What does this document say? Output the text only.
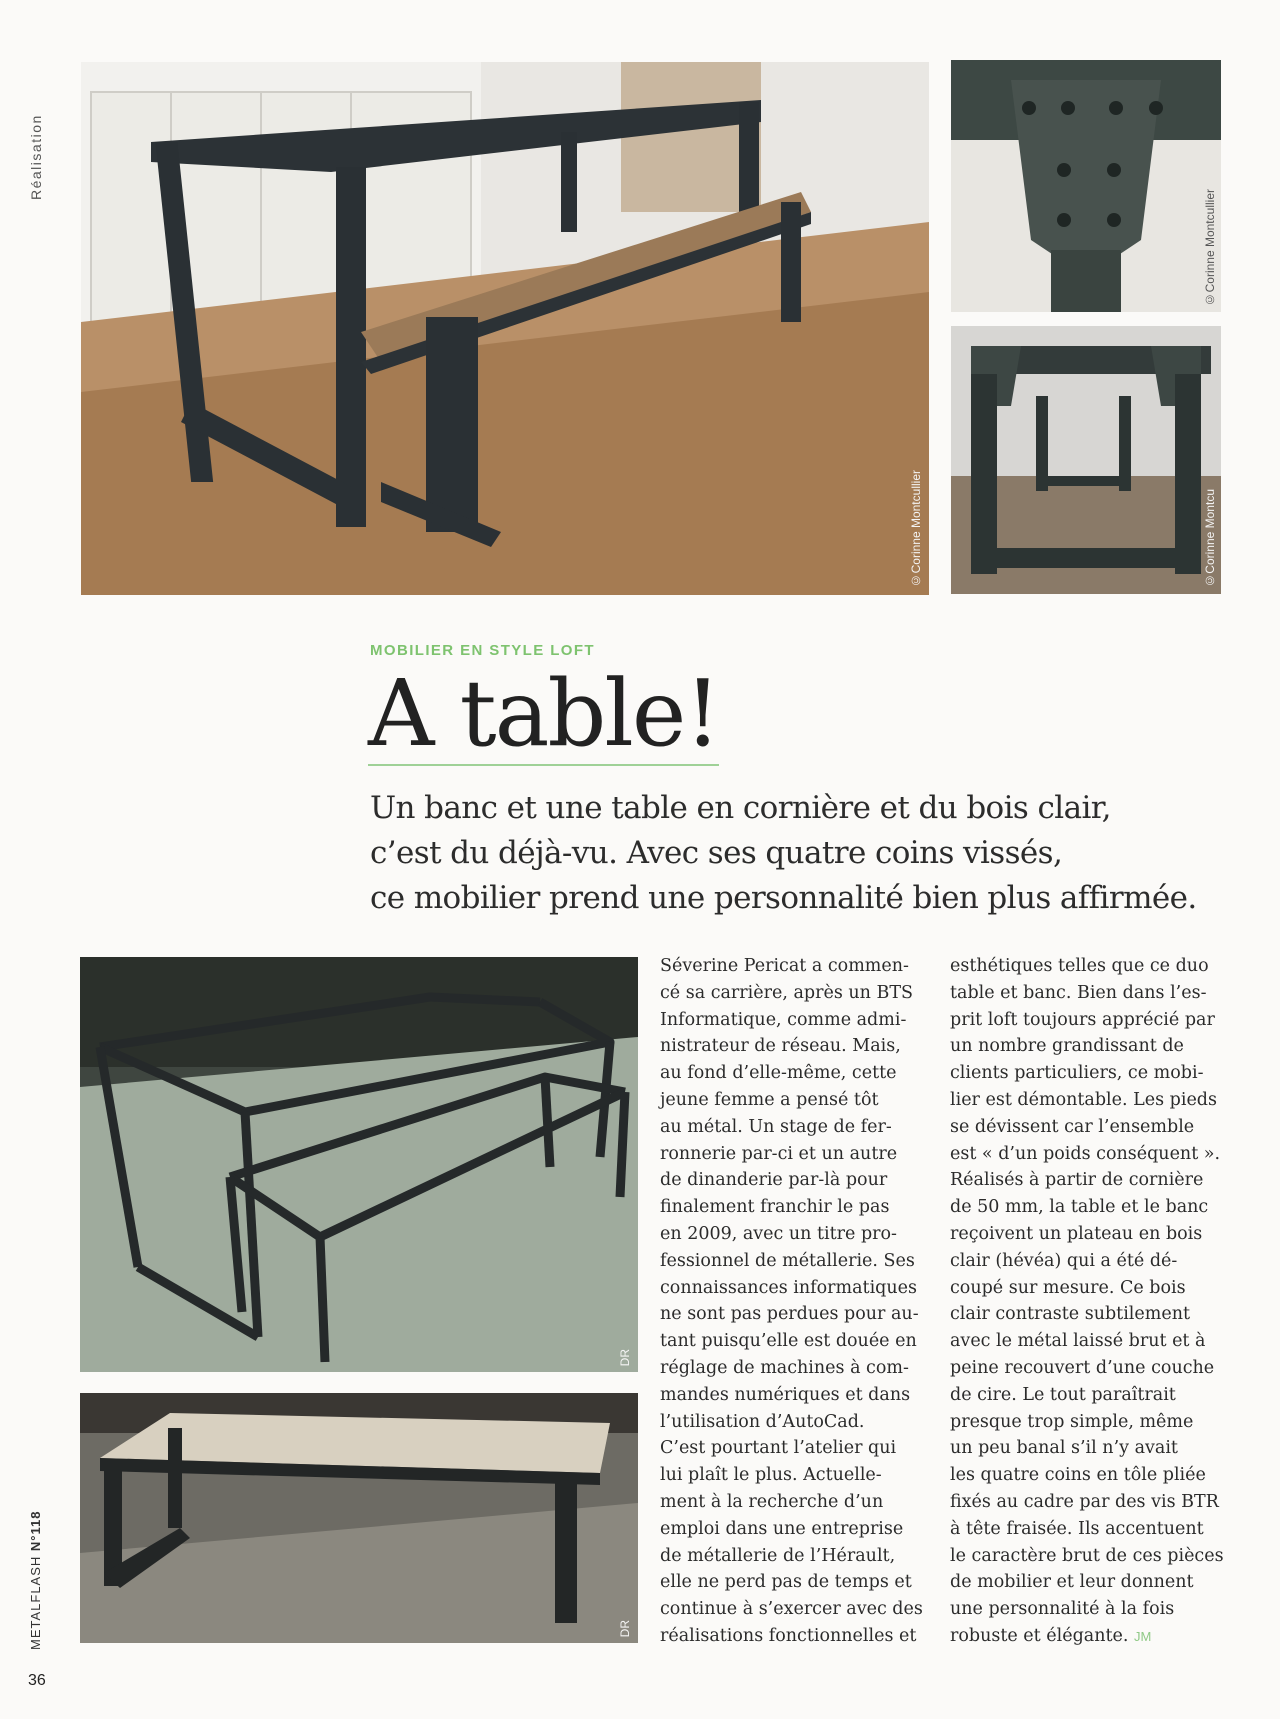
Réalisation
METALFLASH N°118
36
©Corinne Montcullier
©Corinne Montcullier
©Corinne Montcu
MOBILIER EN STYLE LOFT
A table!
Un banc et une table en cornière et du bois clair,
c’est du déjà-vu. Avec ses quatre coins vissés,
ce mobilier prend une personnalité bien plus affirmée.
DR
DR
Séverine Pericat a commen-
cé sa carrière, après un BTS
Informatique, comme admi-
nistrateur de réseau. Mais,
au fond d’elle-même, cette
jeune femme a pensé tôt
au métal. Un stage de fer-
ronnerie par-ci et un autre
de dinanderie par-là pour
finalement franchir le pas
en 2009, avec un titre pro-
fessionnel de métallerie. Ses
connaissances informatiques
ne sont pas perdues pour au-
tant puisqu’elle est douée en
réglage de machines à com-
mandes numériques et dans
l’utilisation d’AutoCad.
C’est pourtant l’atelier qui
lui plaît le plus. Actuelle-
ment à la recherche d’un
emploi dans une entreprise
de métallerie de l’Hérault,
elle ne perd pas de temps et
continue à s’exercer avec des
réalisations fonctionnelles et
esthétiques telles que ce duo
table et banc. Bien dans l’es-
prit loft toujours apprécié par
un nombre grandissant de
clients particuliers, ce mobi-
lier est démontable. Les pieds
se dévissent car l’ensemble
est « d’un poids conséquent ».
Réalisés à partir de cornière
de 50 mm, la table et le banc
reçoivent un plateau en bois
clair (hévéa) qui a été dé-
coupé sur mesure. Ce bois
clair contraste subtilement
avec le métal laissé brut et à
peine recouvert d’une couche
de cire. Le tout paraîtrait
presque trop simple, même
un peu banal s’il n’y avait
les quatre coins en tôle pliée
fixés au cadre par des vis BTR
à tête fraisée. Ils accentuent
le caractère brut de ces pièces
de mobilier et leur donnent
une personnalité à la fois
robuste et élégante. JM
